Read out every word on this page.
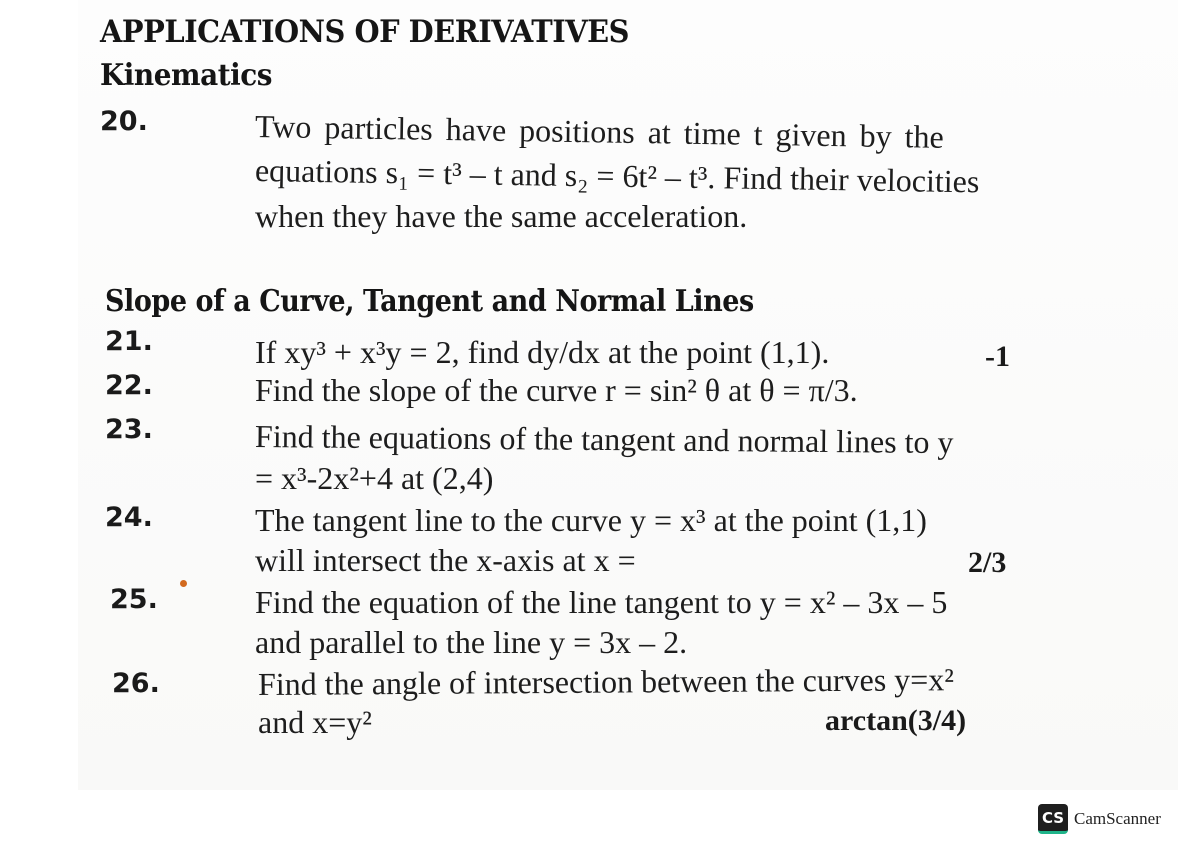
APPLICATIONS OF DERIVATIVES
Kinematics
20.	Two particles have positions at time t given by the
equations s₁ = t³ – t and s₂ = 6t² – t³. Find their velocities
when they have the same acceleration.
Slope of a Curve, Tangent and Normal Lines
21.	If xy³ + x³y = 2, find dy/dx at the point (1,1).	-1
22.	Find the slope of the curve r = sin² θ at θ = π/3.
23.	Find the equations of the tangent and normal lines to y
= x³-2x²+4 at (2,4)
24.	The tangent line to the curve y = x³ at the point (1,1)
will intersect the x-axis at x =	2/3
25.	Find the equation of the line tangent to y = x² – 3x – 5
and parallel to the line y = 3x – 2.
26.	Find the angle of intersection between the curves y=x²
and x=y²	arctan(3/4)
CS CamScanner
